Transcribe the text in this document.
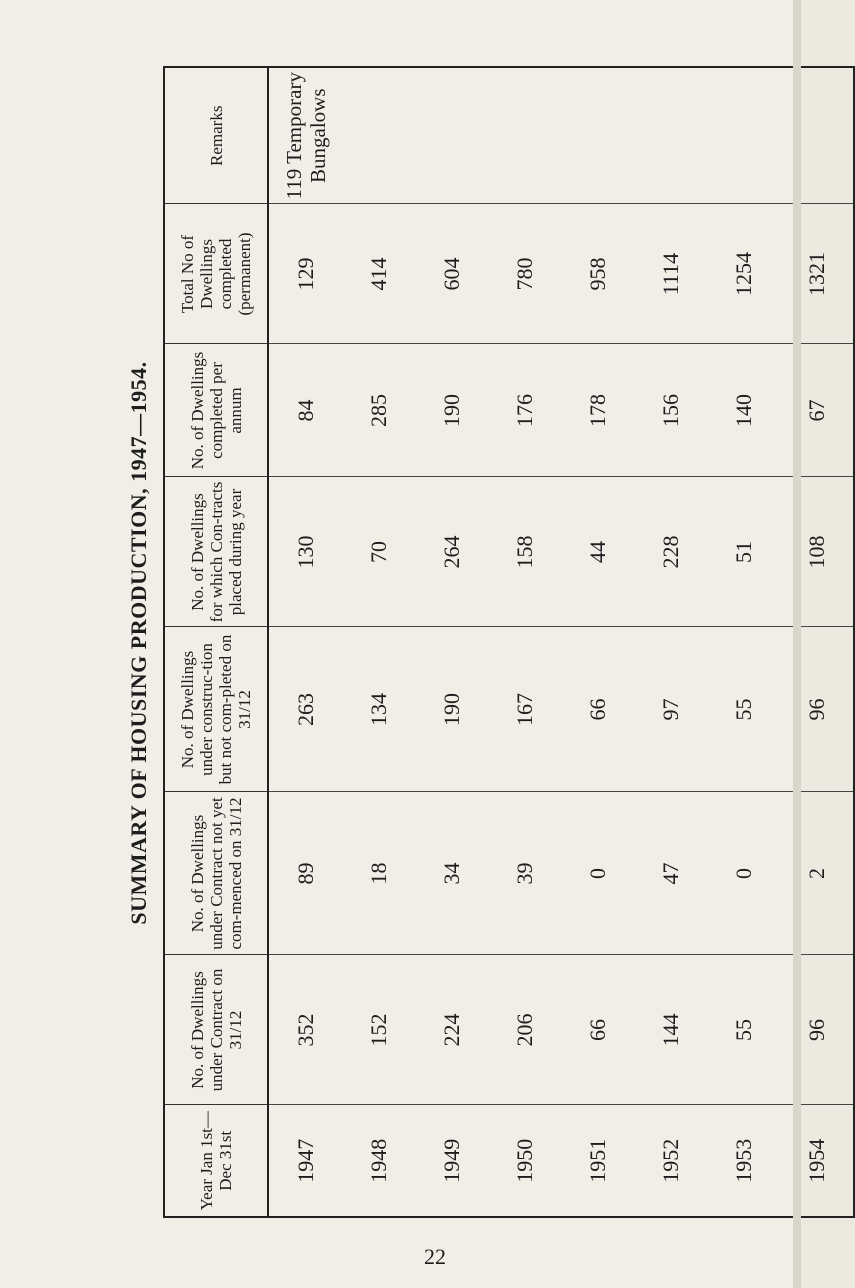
SUMMARY OF HOUSING PRODUCTION, 1947—1954.
Year Jan 1st— Dec 31st	No. of Dwellings under Contract on 31/12	No. of Dwellings under Contract not yet com-menced on 31/12	No. of Dwellings under construc-tion but not com-pleted on 31/12	No. of Dwellings for which Con-tracts placed during year	No. of Dwellings completed per annum	Total No of Dwellings completed (permanent)	Remarks
1947	352	89	263	130	84	129	119 Temporary Bungalows
1948	152	18	134	70	285	414	
1949	224	34	190	264	190	604	
1950	206	39	167	158	176	780	
1951	66	0	66	44	178	958	
1952	144	47	97	228	156	1114	
1953	55	0	55	51	140	1254	
1954	96	2	96	108	67	1321	
22
